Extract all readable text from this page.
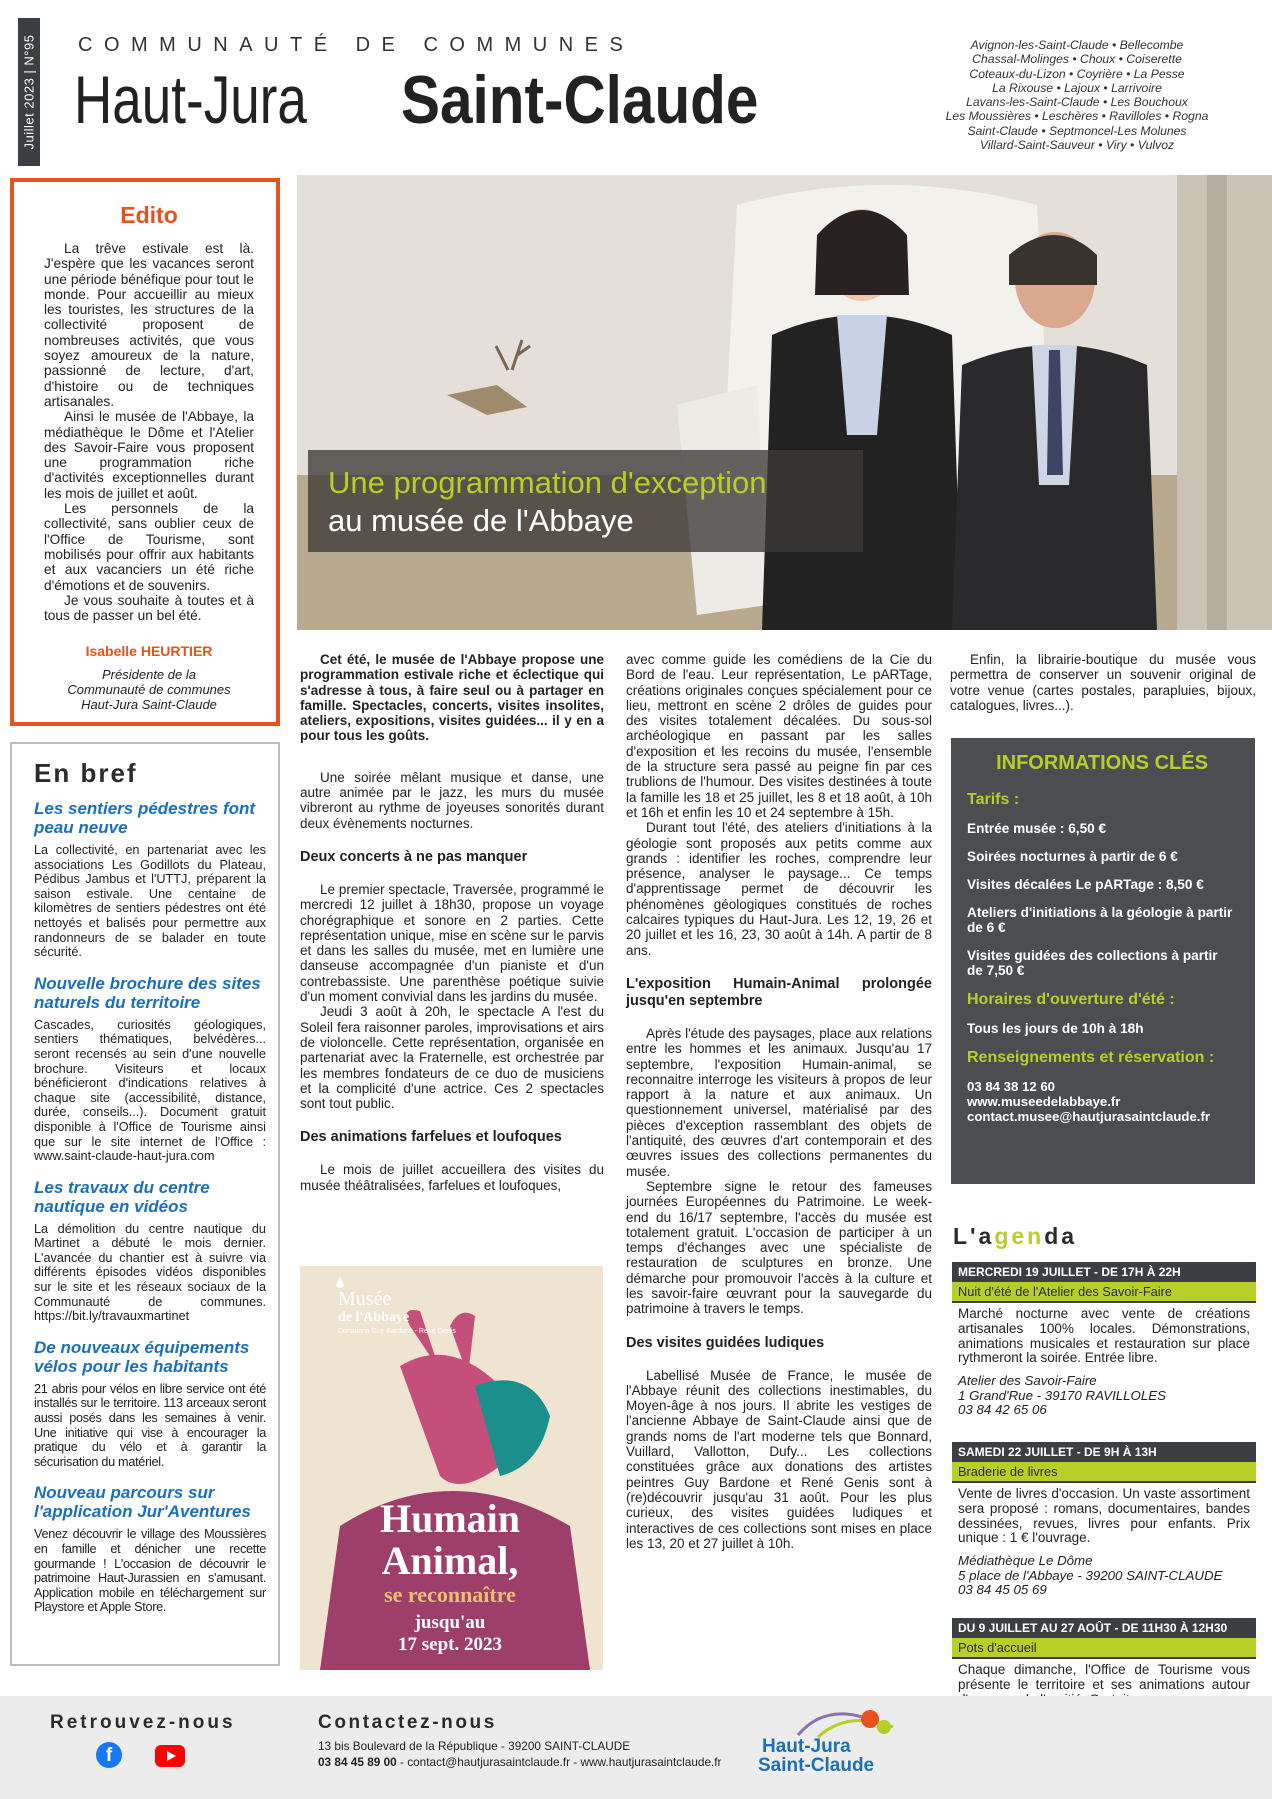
Juillet 2023 | N°95 COMMUNAUTÉ DE COMMUNES
Haut-Jura Saint-Claude
Avignon-les-Saint-Claude • Bellecombe
Chassal-Molinges • Choux • Coiserette
Coteaux-du-Lizon • Coyrière • La Pesse
La Rixouse • Lajoux • Larrivoire
Lavans-les-Saint-Claude • Les Bouchoux
Les Moussières • Leschères • Ravilloles • Rogna
Saint-Claude • Septmoncel-Les Molunes
Villard-Saint-Sauveur • Viry • Vulvoz
Edito

La trêve estivale est là. J'espère que les vacances seront une période bénéfique pour tout le monde. Pour accueillir au mieux les touristes, les structures de la collectivité proposent de nombreuses activités, que vous soyez amoureux de la nature, passionné de lecture, d'art, d'histoire ou de techniques artisanales.

Ainsi le musée de l'Abbaye, la médiathèque le Dôme et l'Atelier des Savoir-Faire vous proposent une programmation riche d'activités exceptionnelles durant les mois de juillet et août.

Les personnels de la collectivité, sans oublier ceux de l'Office de Tourisme, sont mobilisés pour offrir aux habitants et aux vacanciers un été riche d'émotions et de souvenirs.

Je vous souhaite à toutes et à tous de passer un bel été.

Isabelle HEURTIER
Présidente de la
Communauté de communes
Haut-Jura Saint-Claude
En bref
Les sentiers pédestres font peau neuve

La collectivité, en partenariat avec les associations Les Godillots du Plateau, Pédibus Jambus et l'UTTJ, préparent la saison estivale. Une centaine de kilomètres de sentiers pédestres ont été nettoyés et balisés pour permettre aux randonneurs de se balader en toute sécurité.

Nouvelle brochure des sites naturels du territoire

Cascades, curiosités géologiques, sentiers thématiques, belvédères... seront recensés au sein d'une nouvelle brochure. Visiteurs et locaux bénéficieront d'indications relatives à chaque site (accessibilité, distance, durée, conseils...). Document gratuit disponible à l'Office de Tourisme ainsi que sur le site internet de l'Office : www.saint-claude-haut-jura.com

Les travaux du centre nautique en vidéos

La démolition du centre nautique du Martinet a débuté le mois dernier. L'avancée du chantier est à suivre via différents épisodes vidéos disponibles sur le site et les réseaux sociaux de la Communauté de communes. https://bit.ly/travauxmartinet

De nouveaux équipements vélos pour les habitants

21 abris pour vélos en libre service ont été installés sur le territoire. 113 arceaux seront aussi posés dans les semaines à venir. Une initiative qui vise à encourager la pratique du vélo et à garantir la sécurisation du matériel.

Nouveau parcours sur l'application Jur'Aventures

Venez découvrir le village des Moussières en famille et dénicher une recette gourmande ! L'occasion de découvrir le patrimoine Haut-Jurassien en s'amusant. Application mobile en téléchargement sur Playstore et Apple Store.

Une programmation d'exception
au musée de l'Abbaye

Cet été, le musée de l'Abbaye propose une programmation estivale riche et éclectique qui s'adresse à tous, à faire seul ou à partager en famille. Spectacles, concerts, visites insolites, ateliers, expositions, visites guidées... il y en a pour tous les goûts.

Une soirée mêlant musique et danse, une autre animée par le jazz, les murs du musée vibreront au rythme de joyeuses sonorités durant deux évènements nocturnes.

Deux concerts à ne pas manquer

Le premier spectacle, Traversée, programmé le mercredi 12 juillet à 18h30, propose un voyage chorégraphique et sonore en 2 parties. Cette représentation unique, mise en scène sur le parvis et dans les salles du musée, met en lumière une danseuse accompagnée d'un pianiste et d'un contrebassiste. Une parenthèse poétique suivie d'un moment convivial dans les jardins du musée.

Jeudi 3 août à 20h, le spectacle A l'est du Soleil fera raisonner paroles, improvisations et airs de violoncelle. Cette représentation, organisée en partenariat avec la Fraternelle, est orchestrée par les membres fondateurs de ce duo de musiciens et la complicité d'une actrice. Ces 2 spectacles sont tout public.

Des animations farfelues et loufoques

Le mois de juillet accueillera des visites du musée théâtralisées, farfelues et loufoques,

Musée
de l'Abbaye
Donations Guy Bardone - René Genis
Humain Animal,
se reconnaître
jusqu'au
17 sept. 2023

avec comme guide les comédiens de la Cie du Bord de l'eau. Leur représentation, Le pARTage, créations originales conçues spécialement pour ce lieu, mettront en scène 2 drôles de guides pour des visites totalement décalées. Du sous-sol archéologique en passant par les salles d'exposition et les recoins du musée, l'ensemble de la structure sera passé au peigne fin par ces trublions de l'humour. Des visites destinées à toute la famille les 18 et 25 juillet, les 8 et 18 août, à 10h et 16h et enfin les 10 et 24 septembre à 15h.

Durant tout l'été, des ateliers d'initiations à la géologie sont proposés aux petits comme aux grands : identifier les roches, comprendre leur présence, analyser le paysage... Ce temps d'apprentissage permet de découvrir les phénomènes géologiques constitués de roches calcaires typiques du Haut-Jura. Les 12, 19, 26 et 20 juillet et les 16, 23, 30 août à 14h. A partir de 8 ans.

L'exposition Humain-Animal prolongée jusqu'en septembre

Après l'étude des paysages, place aux relations entre les hommes et les animaux. Jusqu'au 17 septembre, l'exposition Humain-animal, se reconnaitre interroge les visiteurs à propos de leur rapport à la nature et aux animaux. Un questionnement universel, matérialisé par des pièces d'exception rassemblant des objets de l'antiquité, des œuvres d'art contemporain et des œuvres issues des collections permanentes du musée.

Septembre signe le retour des fameuses journées Européennes du Patrimoine. Le week-end du 16/17 septembre, l'accès du musée est totalement gratuit. L'occasion de participer à un temps d'échanges avec une spécialiste de restauration de sculptures en bronze. Une démarche pour promouvoir l'accès à la culture et les savoir-faire œuvrant pour la sauvegarde du patrimoine à travers le temps.

Des visites guidées ludiques

Labellisé Musée de France, le musée de l'Abbaye réunit des collections inestimables, du Moyen-âge à nos jours. Il abrite les vestiges de l'ancienne Abbaye de Saint-Claude ainsi que de grands noms de l'art moderne tels que Bonnard, Vuillard, Vallotton, Dufy... Les collections constituées grâce aux donations des artistes peintres Guy Bardone et René Genis sont à (re)découvrir jusqu'au 31 août. Pour les plus curieux, des visites guidées ludiques et interactives de ces collections sont mises en place les 13, 20 et 27 juillet à 10h.

Enfin, la librairie-boutique du musée vous permettra de conserver un souvenir original de votre venue (cartes postales, parapluies, bijoux, catalogues, livres...).

INFORMATIONS CLÉS
Tarifs :
Entrée musée : 6,50 €
Soirées nocturnes à partir de 6 €
Visites décalées Le pARTage : 8,50 €
Ateliers d'initiations à la géologie à partir de 6 €
Visites guidées des collections à partir de 7,50 €
Horaires d'ouverture d'été :
Tous les jours de 10h à 18h
Renseignements et réservation :
03 84 38 12 60
www.museedelabbaye.fr
contact.musee@hautjurasaintclaude.fr
L'agenda
MERCREDI 19 JUILLET - DE 17H À 22H
Nuit d'été de l'Atelier des Savoir-Faire
Marché nocturne avec vente de créations artisanales 100% locales. Démonstrations, animations musicales et restauration sur place rythmeront la soirée. Entrée libre.
Atelier des Savoir-Faire
1 Grand'Rue - 39170 RAVILLOLES
03 84 42 65 06
SAMEDI 22 JUILLET - DE 9H À 13H
Braderie de livres
Vente de livres d'occasion. Un vaste assortiment sera proposé : romans, documentaires, bandes dessinées, revues, livres pour enfants. Prix unique : 1 € l'ouvrage.
Médiathèque Le Dôme
5 place de l'Abbaye - 39200 SAINT-CLAUDE
03 84 45 05 69
DU 9 JUILLET AU 27 AOÛT - DE 11H30 À 12H30
Pots d'accueil
Chaque dimanche, l'Office de Tourisme vous présente le territoire et ses animations autour
Retrouvez-nous
f
Contactez-nous
13 bis Boulevard de la République - 39200 SAINT-CLAUDE
03 84 45 89 00 - contact@hautjurasaintclaude.fr - www.hautjurasaintclaude.fr
Haut-Jura
Saint-Claude
